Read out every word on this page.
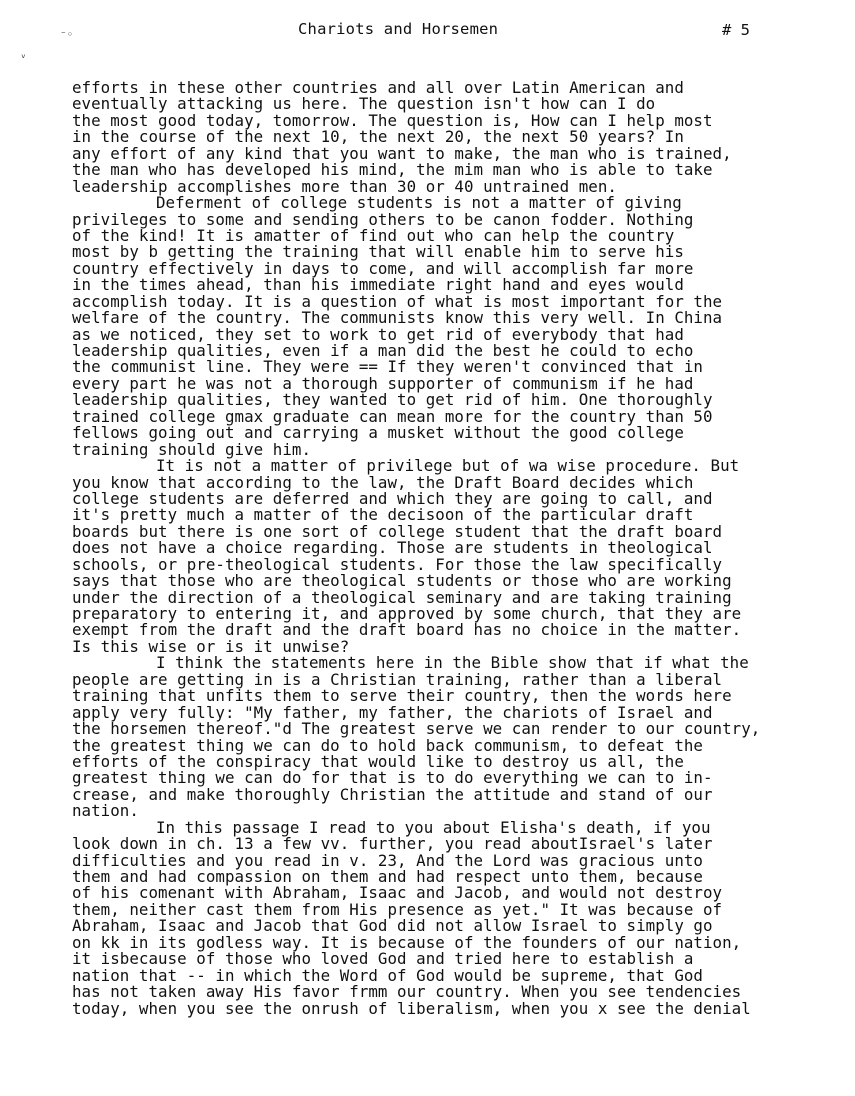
⁻◦
ᵥ
Chariots and Horsemen	# 5
efforts in these other countries and all over Latin American and
eventually attacking us here. The question isn't how can I do
the most good today, tomorrow. The question is, How can I help most
in the course of the next 10, the next 20, the next 50 years? In
any effort of any kind that you want to make, the man who is trained,
the man who has developed his mind, the mim man who is able to take
leadership accomplishes more than 30 or 40 untrained men.
Deferment of college students is not a matter of giving
privileges to some and sending others to be canon fodder. Nothing
of the kind! It is amatter of find out who can help the country
most by b getting the training that will enable him to serve his
country effectively in days to come, and will accomplish far more
in the times ahead, than his immediate right hand and eyes would
accomplish today. It is a question of what is most important for the
welfare of the country. The communists know this very well. In China
as we noticed, they set to work to get rid of everybody that had
leadership qualities, even if a man did the best he could to echo
the communist line. They were == If they weren't convinced that in
every part he was not a thorough supporter of communism if he had
leadership qualities, they wanted to get rid of him. One thoroughly
trained college gmax graduate can mean more for the country than 50
fellows going out and carrying a musket without the good college
training should give him.
It is not a matter of privilege but of wa wise procedure. But
you know that according to the law, the Draft Board decides which
college students are deferred and which they are going to call, and
it's pretty much a matter of the decisoon of the particular draft
boards but there is one sort of college student that the draft board
does not have a choice regarding. Those are students in theological
schools, or pre-theological students. For those the law specifically
says that those who are theological students or those who are working
under the direction of a theological seminary and are taking training
preparatory to entering it, and approved by some church, that they are
exempt from the draft and the draft board has no choice in the matter.
Is this wise or is it unwise?
I think the statements here in the Bible show that if what the
people are getting in is a Christian training, rather than a liberal
training that unfits them to serve their country, then the words here
apply very fully: "My father, my father, the chariots of Israel and
the horsemen thereof."d The greatest serve we can render to our country,
the greatest thing we can do to hold back communism, to defeat the
efforts of the conspiracy that would like to destroy us all, the
greatest thing we can do for that is to do everything we can to in-
crease, and make thoroughly Christian the attitude and stand of our
nation.
In this passage I read to you about Elisha's death, if you
look down in ch. 13 a few vv. further, you read aboutIsrael's later
difficulties and you read in v. 23, And the Lord was gracious unto
them and had compassion on them and had respect unto them, because
of his comenant with Abraham, Isaac and Jacob, and would not destroy
them, neither cast them from His presence as yet." It was because of
Abraham, Isaac and Jacob that God did not allow Israel to simply go
on kk in its godless way. It is because of the founders of our nation,
it isbecause of those who loved God and tried here to establish a
nation that -- in which the Word of God would be supreme, that God
has not taken away His favor frmm our country. When you see tendencies
today, when you see the onrush of liberalism, when you x see the denial
